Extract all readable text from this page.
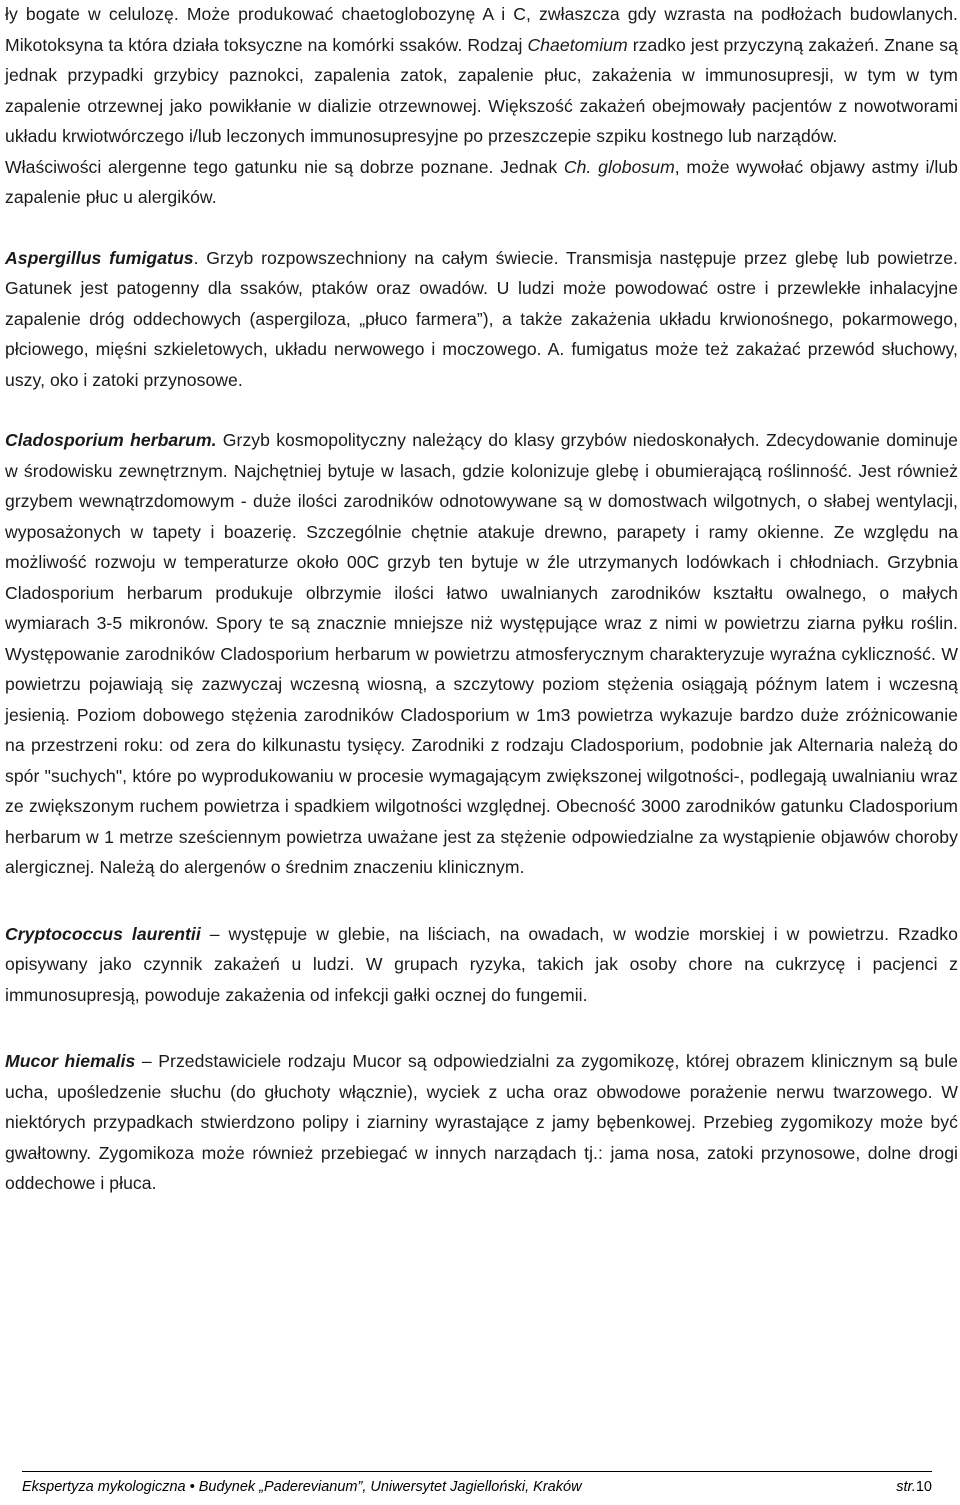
ły bogate w celulozę. Może produkować chaetoglobozynę A i C, zwłaszcza gdy wzrasta na podłożach budowlanych. Mikotoksyna ta która działa toksyczne na komórki ssaków. Rodzaj Chaetomium rzadko jest przyczyną zakażeń. Znane są jednak przypadki grzybicy paznokci, zapalenia zatok, zapalenie płuc, zakażenia w immunosupresji, w tym w tym zapalenie otrzewnej jako powikłanie w dializie otrzewnowej. Większość zakażeń obejmowały pacjentów z nowotworami układu krwiotwórczego i/lub leczonych immunosupresyjne po przeszczepie szpiku kostnego lub narządów.

Właściwości alergenne tego gatunku nie są dobrze poznane. Jednak Ch. globosum, może wywołać objawy astmy i/lub zapalenie płuc u alergików.

Aspergillus fumigatus. Grzyb rozpowszechniony na całym świecie. Transmisja następuje przez glebę lub powietrze. Gatunek jest patogenny dla ssaków, ptaków oraz owadów. U ludzi może powodować ostre i przewlekłe inhalacyjne zapalenie dróg oddechowych (aspergiloza, „płuco farmera”), a także zakażenia układu krwionośnego, pokarmowego, płciowego, mięśni szkieletowych, układu nerwowego i moczowego. A. fumigatus może też zakażać przewód słuchowy, uszy, oko i zatoki przynosowe.

Cladosporium herbarum. Grzyb kosmopolityczny należący do klasy grzybów niedoskonałych. Zdecydowanie dominuje w środowisku zewnętrznym. Najchętniej bytuje w lasach, gdzie kolonizuje glebę i obumierającą roślinność. Jest również grzybem wewnątrzdomowym - duże ilości zarodników odnotowywane są w domostwach wilgotnych, o słabej wentylacji, wyposażonych w tapety i boazerię. Szczególnie chętnie atakuje drewno, parapety i ramy okienne. Ze względu na możliwość rozwoju w temperaturze około 00C grzyb ten bytuje w źle utrzymanych lodówkach i chłodniach. Grzybnia Cladosporium herbarum produkuje olbrzymie ilości łatwo uwalnianych zarodników kształtu owalnego, o małych wymiarach 3-5 mikronów. Spory te są znacznie mniejsze niż występujące wraz z nimi w powietrzu ziarna pyłku roślin. Występowanie zarodników Cladosporium herbarum w powietrzu atmosferycznym charakteryzuje wyraźna cykliczność. W powietrzu pojawiają się zazwyczaj wczesną wiosną, a szczytowy poziom stężenia osiągają późnym latem i wczesną jesienią. Poziom dobowego stężenia zarodników Cladosporium w 1m3 powietrza wykazuje bardzo duże zróżnicowanie na przestrzeni roku: od zera do kilkunastu tysięcy. Zarodniki z rodzaju Cladosporium, podobnie jak Alternaria należą do spór "suchych", które po wyprodukowaniu w procesie wymagającym zwiększonej wilgotności-, podlegają uwalnianiu wraz ze zwiększonym ruchem powietrza i spadkiem wilgotności względnej. Obecność 3000 zarodników gatunku Cladosporium herbarum w 1 metrze sześciennym powietrza uważane jest za stężenie odpowiedzialne za wystąpienie objawów choroby alergicznej. Należą do alergenów o średnim znaczeniu klinicznym.

Cryptococcus laurentii – występuje w glebie, na liściach, na owadach, w wodzie morskiej i w powietrzu. Rzadko opisywany jako czynnik zakażeń u ludzi. W grupach ryzyka, takich jak osoby chore na cukrzycę i pacjenci z immunosupresją, powoduje zakażenia od infekcji gałki ocznej do fungemii.

Mucor hiemalis – Przedstawiciele rodzaju Mucor są odpowiedzialni za zygomikozę, której obrazem klinicznym są bule ucha, upośledzenie słuchu (do głuchoty włącznie), wyciek z ucha oraz obwodowe porażenie nerwu twarzowego. W niektórych przypadkach stwierdzono polipy i ziarniny wyrastające z jamy bębenkowej. Przebieg zygomikozy może być gwałtowny. Zygomikoza może również przebiegać w innych narządach tj.: jama nosa, zatoki przynosowe, dolne drogi oddechowe i płuca.

Ekspertyza mykologiczna • Budynek „Paderevianum”, Uniwersytet Jagielloński, Kraków	str.10
